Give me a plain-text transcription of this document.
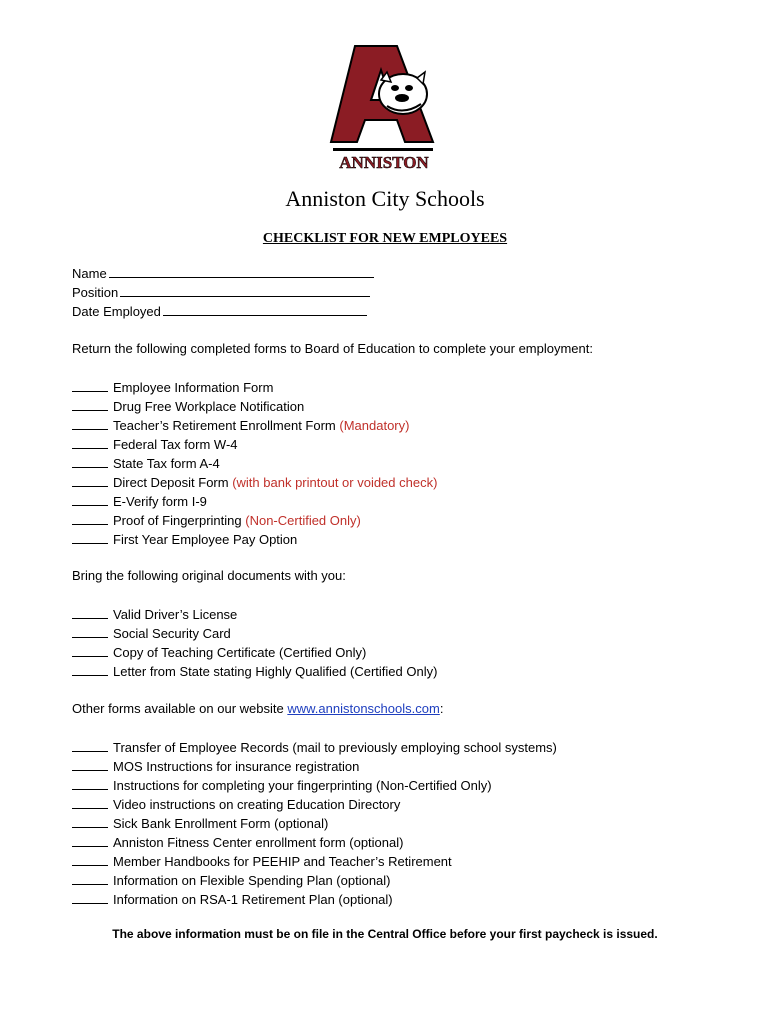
ANNISTON
Anniston City Schools
CHECKLIST FOR NEW EMPLOYEES
Name
Position
Date Employed
Return the following completed forms to Board of Education to complete your employment:
Employee Information Form
Drug Free Workplace Notification
Teacher’s Retirement Enrollment Form (Mandatory)
Federal Tax form W-4
State Tax form A-4
Direct Deposit Form (with bank printout or voided check)
E-Verify form I-9
Proof of Fingerprinting (Non-Certified Only)
First Year Employee Pay Option
Bring the following original documents with you:
Valid Driver’s License
Social Security Card
Copy of Teaching Certificate (Certified Only)
Letter from State stating Highly Qualified (Certified Only)
Other forms available on our website www.annistonschools.com:
Transfer of Employee Records (mail to previously employing school systems)
MOS Instructions for insurance registration
Instructions for completing your fingerprinting (Non-Certified Only)
Video instructions on creating Education Directory
Sick Bank Enrollment Form (optional)
Anniston Fitness Center enrollment form (optional)
Member Handbooks for PEEHIP and Teacher’s Retirement
Information on Flexible Spending Plan (optional)
Information on RSA-1 Retirement Plan (optional)
The above information must be on file in the Central Office before your first paycheck is issued.
